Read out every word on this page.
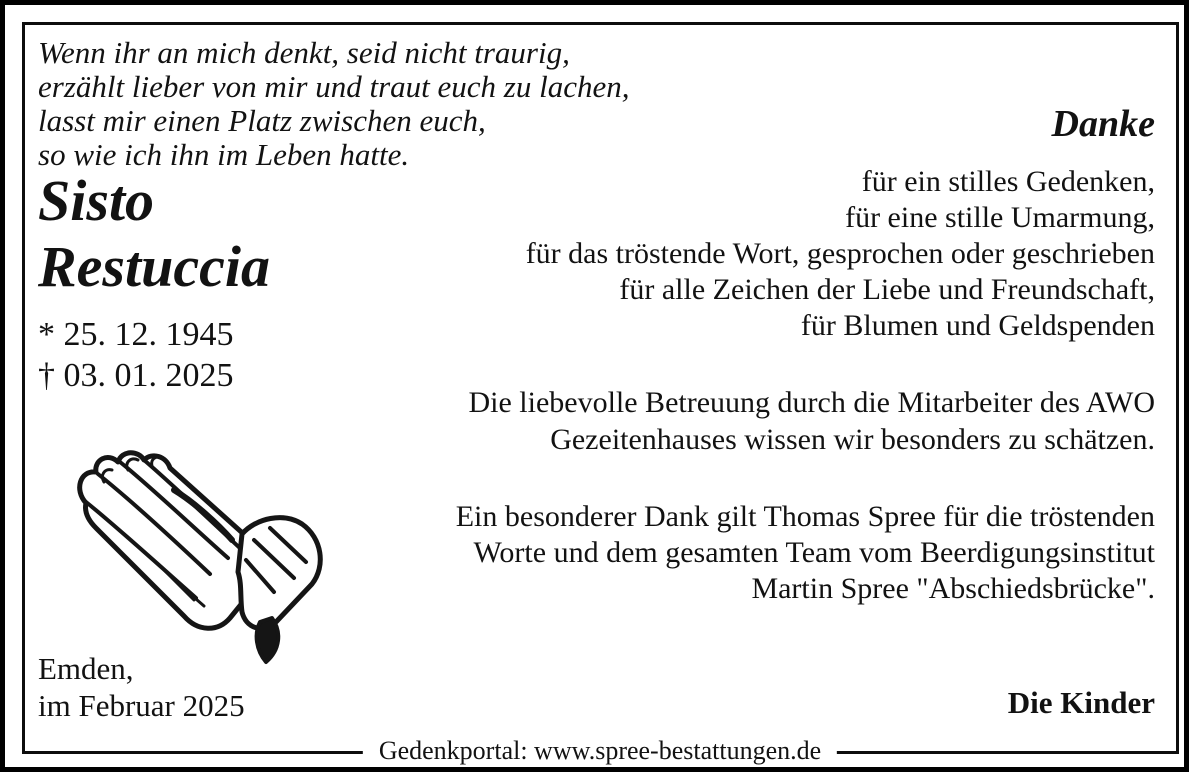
Wenn ihr an mich denkt, seid nicht traurig,
erzählt lieber von mir und traut euch zu lachen,
lasst mir einen Platz zwischen euch,
so wie ich ihn im Leben hatte.
Sisto
Restuccia
* 25. 12. 1945
† 03. 01. 2025
Emden,
im Februar 2025
Danke
für ein stilles Gedenken,
für eine stille Umarmung,
für das tröstende Wort, gesprochen oder geschrieben
für alle Zeichen der Liebe und Freundschaft,
für Blumen und Geldspenden
Die liebevolle Betreuung durch die Mitarbeiter des AWO
Gezeitenhauses wissen wir besonders zu schätzen.
Ein besonderer Dank gilt Thomas Spree für die tröstenden
Worte und dem gesamten Team vom Beerdigungsinstitut
Martin Spree "Abschiedsbrücke".
Die Kinder
Gedenkportal: www.spree-bestattungen.de
